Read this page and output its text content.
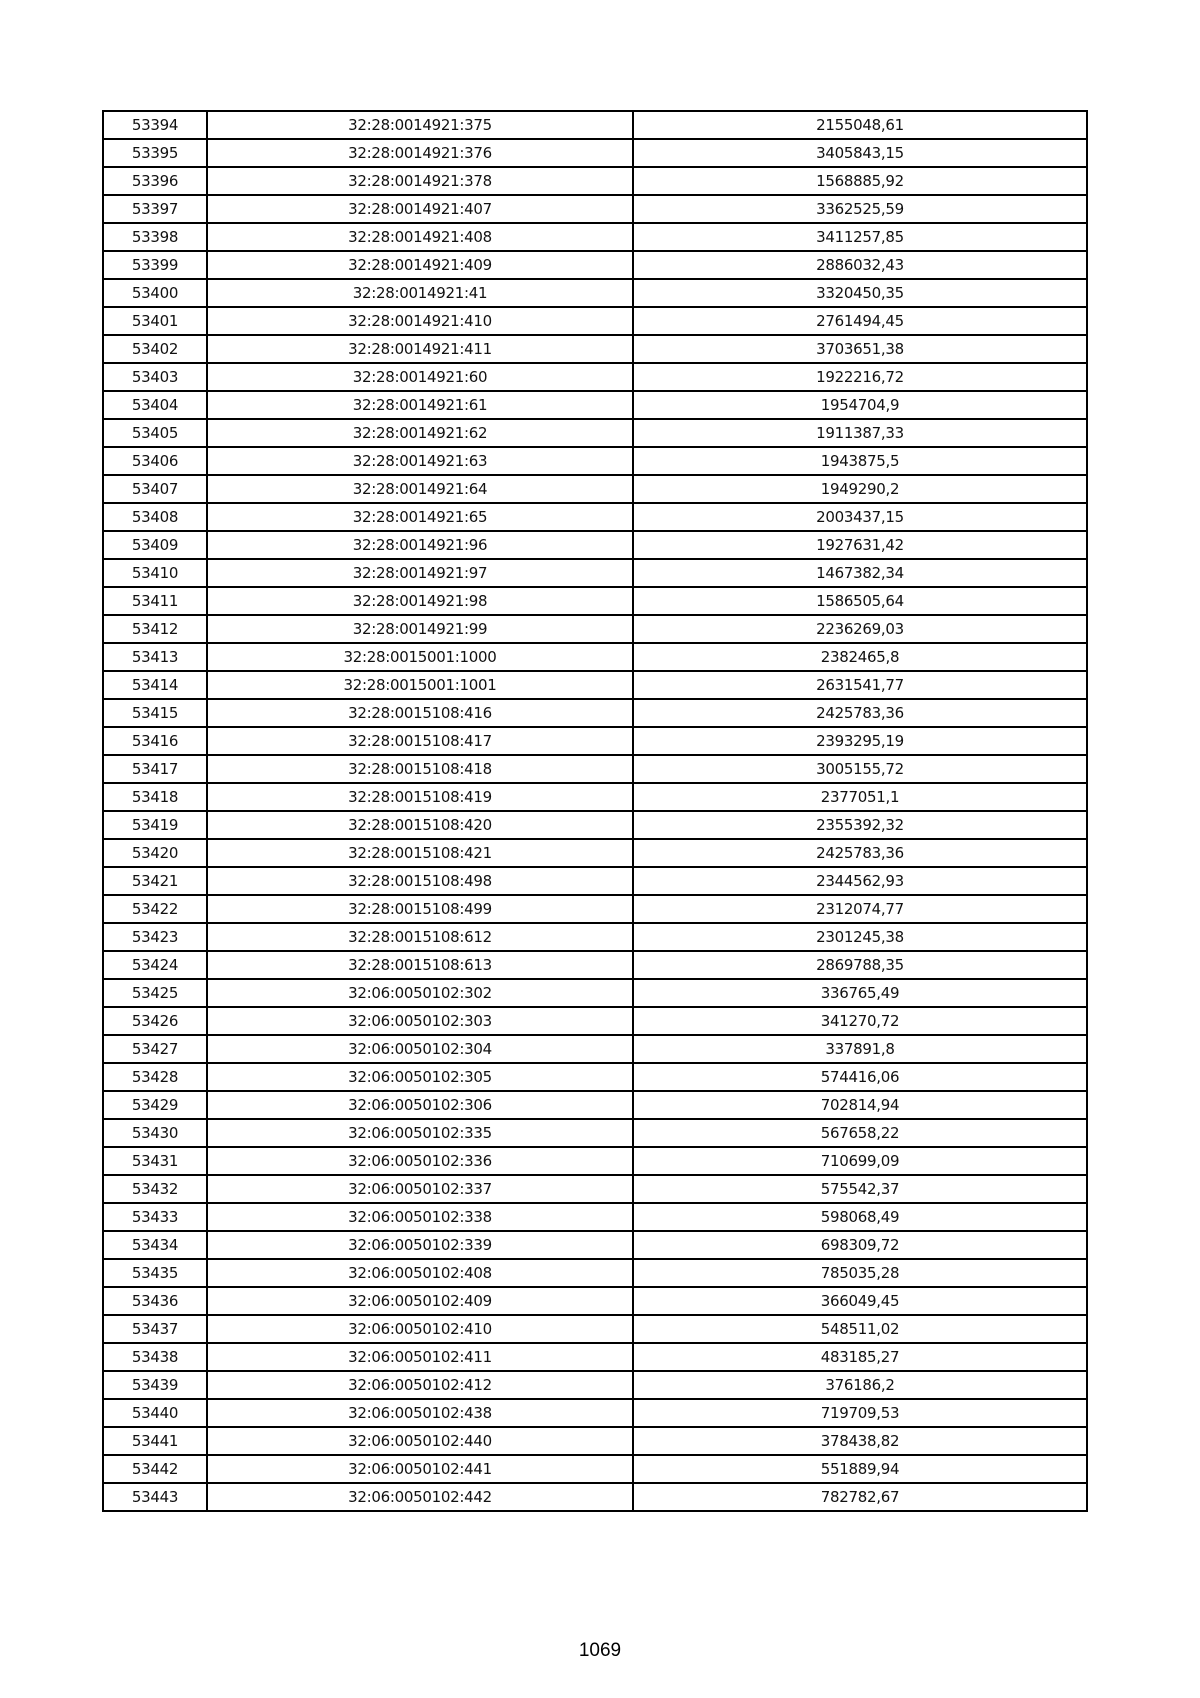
53394	32:28:0014921:375	2155048,61
53395	32:28:0014921:376	3405843,15
53396	32:28:0014921:378	1568885,92
53397	32:28:0014921:407	3362525,59
53398	32:28:0014921:408	3411257,85
53399	32:28:0014921:409	2886032,43
53400	32:28:0014921:41	3320450,35
53401	32:28:0014921:410	2761494,45
53402	32:28:0014921:411	3703651,38
53403	32:28:0014921:60	1922216,72
53404	32:28:0014921:61	1954704,9
53405	32:28:0014921:62	1911387,33
53406	32:28:0014921:63	1943875,5
53407	32:28:0014921:64	1949290,2
53408	32:28:0014921:65	2003437,15
53409	32:28:0014921:96	1927631,42
53410	32:28:0014921:97	1467382,34
53411	32:28:0014921:98	1586505,64
53412	32:28:0014921:99	2236269,03
53413	32:28:0015001:1000	2382465,8
53414	32:28:0015001:1001	2631541,77
53415	32:28:0015108:416	2425783,36
53416	32:28:0015108:417	2393295,19
53417	32:28:0015108:418	3005155,72
53418	32:28:0015108:419	2377051,1
53419	32:28:0015108:420	2355392,32
53420	32:28:0015108:421	2425783,36
53421	32:28:0015108:498	2344562,93
53422	32:28:0015108:499	2312074,77
53423	32:28:0015108:612	2301245,38
53424	32:28:0015108:613	2869788,35
53425	32:06:0050102:302	336765,49
53426	32:06:0050102:303	341270,72
53427	32:06:0050102:304	337891,8
53428	32:06:0050102:305	574416,06
53429	32:06:0050102:306	702814,94
53430	32:06:0050102:335	567658,22
53431	32:06:0050102:336	710699,09
53432	32:06:0050102:337	575542,37
53433	32:06:0050102:338	598068,49
53434	32:06:0050102:339	698309,72
53435	32:06:0050102:408	785035,28
53436	32:06:0050102:409	366049,45
53437	32:06:0050102:410	548511,02
53438	32:06:0050102:411	483185,27
53439	32:06:0050102:412	376186,2
53440	32:06:0050102:438	719709,53
53441	32:06:0050102:440	378438,82
53442	32:06:0050102:441	551889,94
53443	32:06:0050102:442	782782,67
1069
